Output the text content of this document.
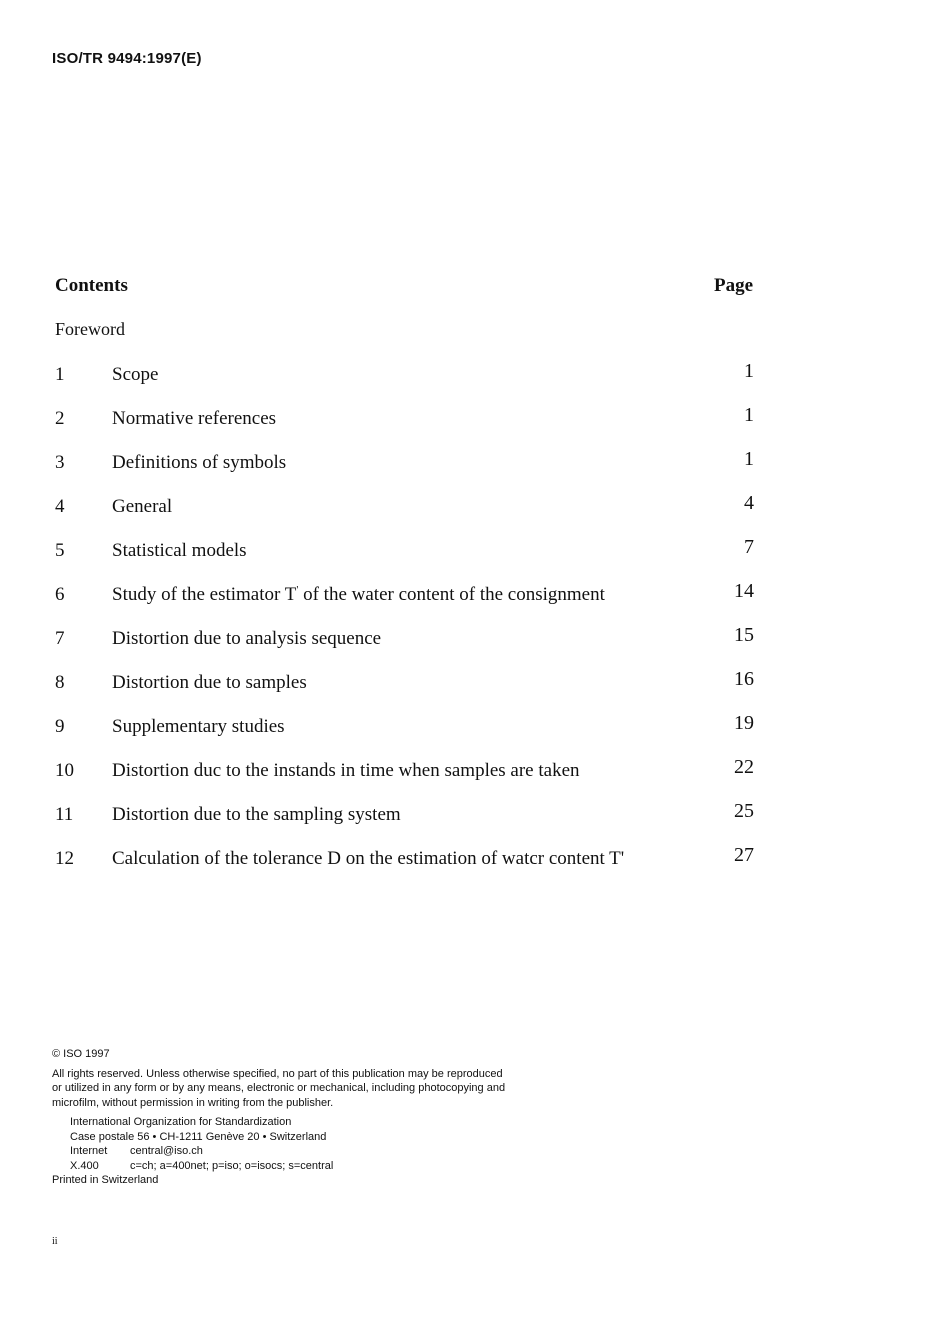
ISO/TR 9494:1997(E)
Contents	Page
Foreword
1	Scope	1
2	Normative references	1
3	Definitions of symbols	1
4	General	4
5	Statistical models	7
6	Study of the estimator T' of the water content of the consignment	14
7	Distortion due to analysis sequence	15
8	Distortion due to samples	16
9	Supplementary studies	19
10 Distortion duc to the instands in time when samples are taken	22
11 Distortion due to the sampling system	25
12 Calculation of the tolerance D on the estimation of watcr content T'	27

© ISO 1997

All rights reserved. Unless otherwise specified, no part of this publication may be reproduced

or utilized in any form or by any means, electronic or mechanical, including photocopying and

microfilm, without permission in writing from the publisher.

International Organization for Standardization

Case postale 56 • CH-1211 Genève 20 • Switzerland

Internet central@iso.ch

X.400	c=ch; a=400net; p=iso; o=isocs; s=central

Printed in Switzerland

ii
